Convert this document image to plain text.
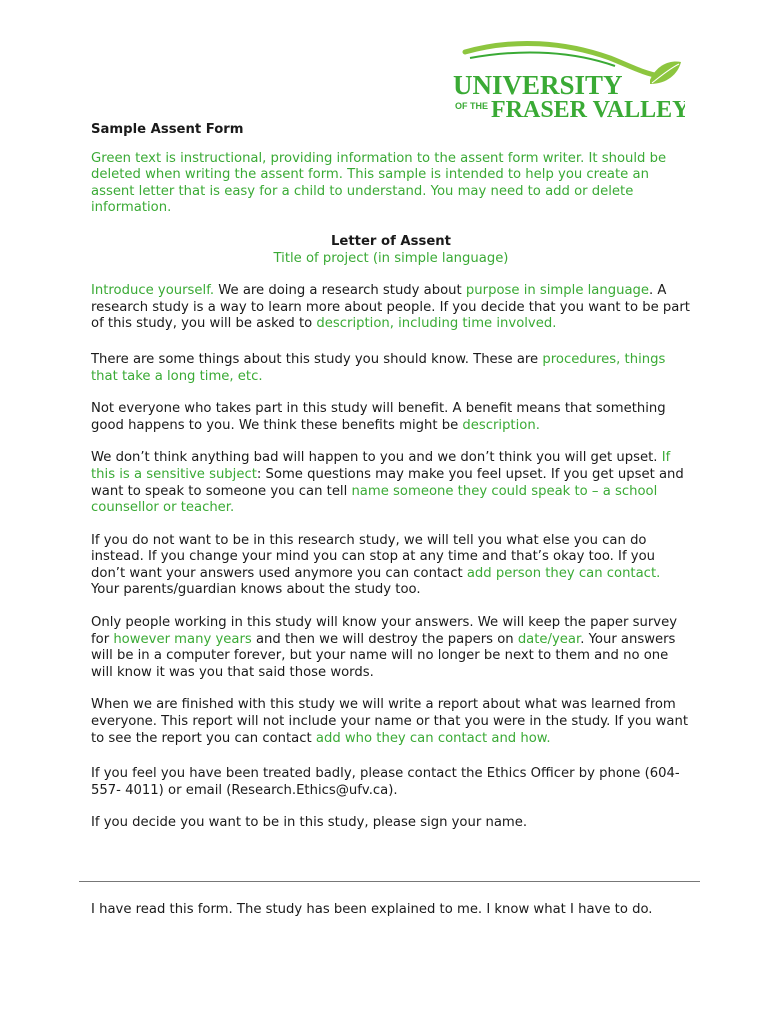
UNIVERSITY
OF THE FRASER VALLEY

Sample Assent Form

Green text is instructional, providing information to the assent form writer. It should be deleted when writing the assent form. This sample is intended to help you create an assent letter that is easy for a child to understand. You may need to add or delete information.

Letter of Assent

Title of project (in simple language)

Introduce yourself. We are doing a research study about purpose in simple language. A research study is a way to learn more about people. If you decide that you want to be part of this study, you will be asked to description, including time involved.

There are some things about this study you should know. These are procedures, things that take a long time, etc.

Not everyone who takes part in this study will benefit. A benefit means that something good happens to you. We think these benefits might be description.

We don’t think anything bad will happen to you and we don’t think you will get upset. If this is a sensitive subject: Some questions may make you feel upset. If you get upset and want to speak to someone you can tell name someone they could speak to – a school counsellor or teacher.

If you do not want to be in this research study, we will tell you what else you can do instead. If you change your mind you can stop at any time and that’s okay too. If you don’t want your answers used anymore you can contact add person they can contact. Your parents/guardian knows about the study too.

Only people working in this study will know your answers. We will keep the paper survey for however many years and then we will destroy the papers on date/year. Your answers will be in a computer forever, but your name will no longer be next to them and no one will know it was you that said those words.

When we are finished with this study we will write a report about what was learned from everyone. This report will not include your name or that you were in the study. If you want to see the report you can contact add who they can contact and how.

If you feel you have been treated badly, please contact the Ethics Officer by phone (604-557- 4011) or email (Research.Ethics@ufv.ca).

If you decide you want to be in this study, please sign your name.

I have read this form. The study has been explained to me. I know what I have to do.
